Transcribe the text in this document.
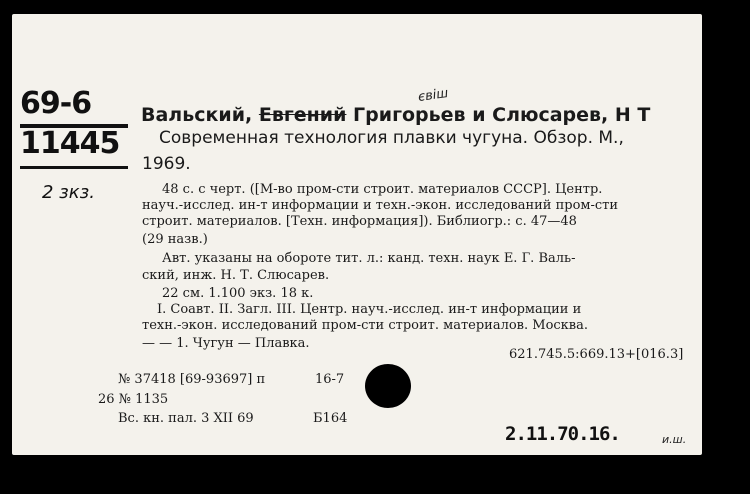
69-6
11445
2 зкз.
євіш
Вальский, Евгений Григорьев и Слюсарев, Н Т
Современная технология плавки чугуна. Обзор. М.,
1969.
48 с. с черт. ([М-во пром-сти строит. материалов СССР]. Центр.
науч.-исслед. ин-т информации и техн.-экон. исследований пром-сти
строит. материалов. [Техн. информация]). Библиогр.: с. 47—48
(29 назв.)
Авт. указаны на обороте тит. л.: канд. техн. наук Е. Г. Валь-
ский, инж. Н. Т. Слюсарев.
22 см. 1.100 экз. 18 к.
I. Соавт. II. Загл. III. Центр. науч.-исслед. ин-т информации и
техн.-экон. исследований пром-сти строит. материалов. Москва.
— — 1. Чугун — Плавка.
621.745.5:669.13+[016.3]
№ 37418 [69-93697] п	16-7
26 № 1135
Вс. кн. пал. 3 XII 69	Б164
2.11.70.16.	и.ш.
